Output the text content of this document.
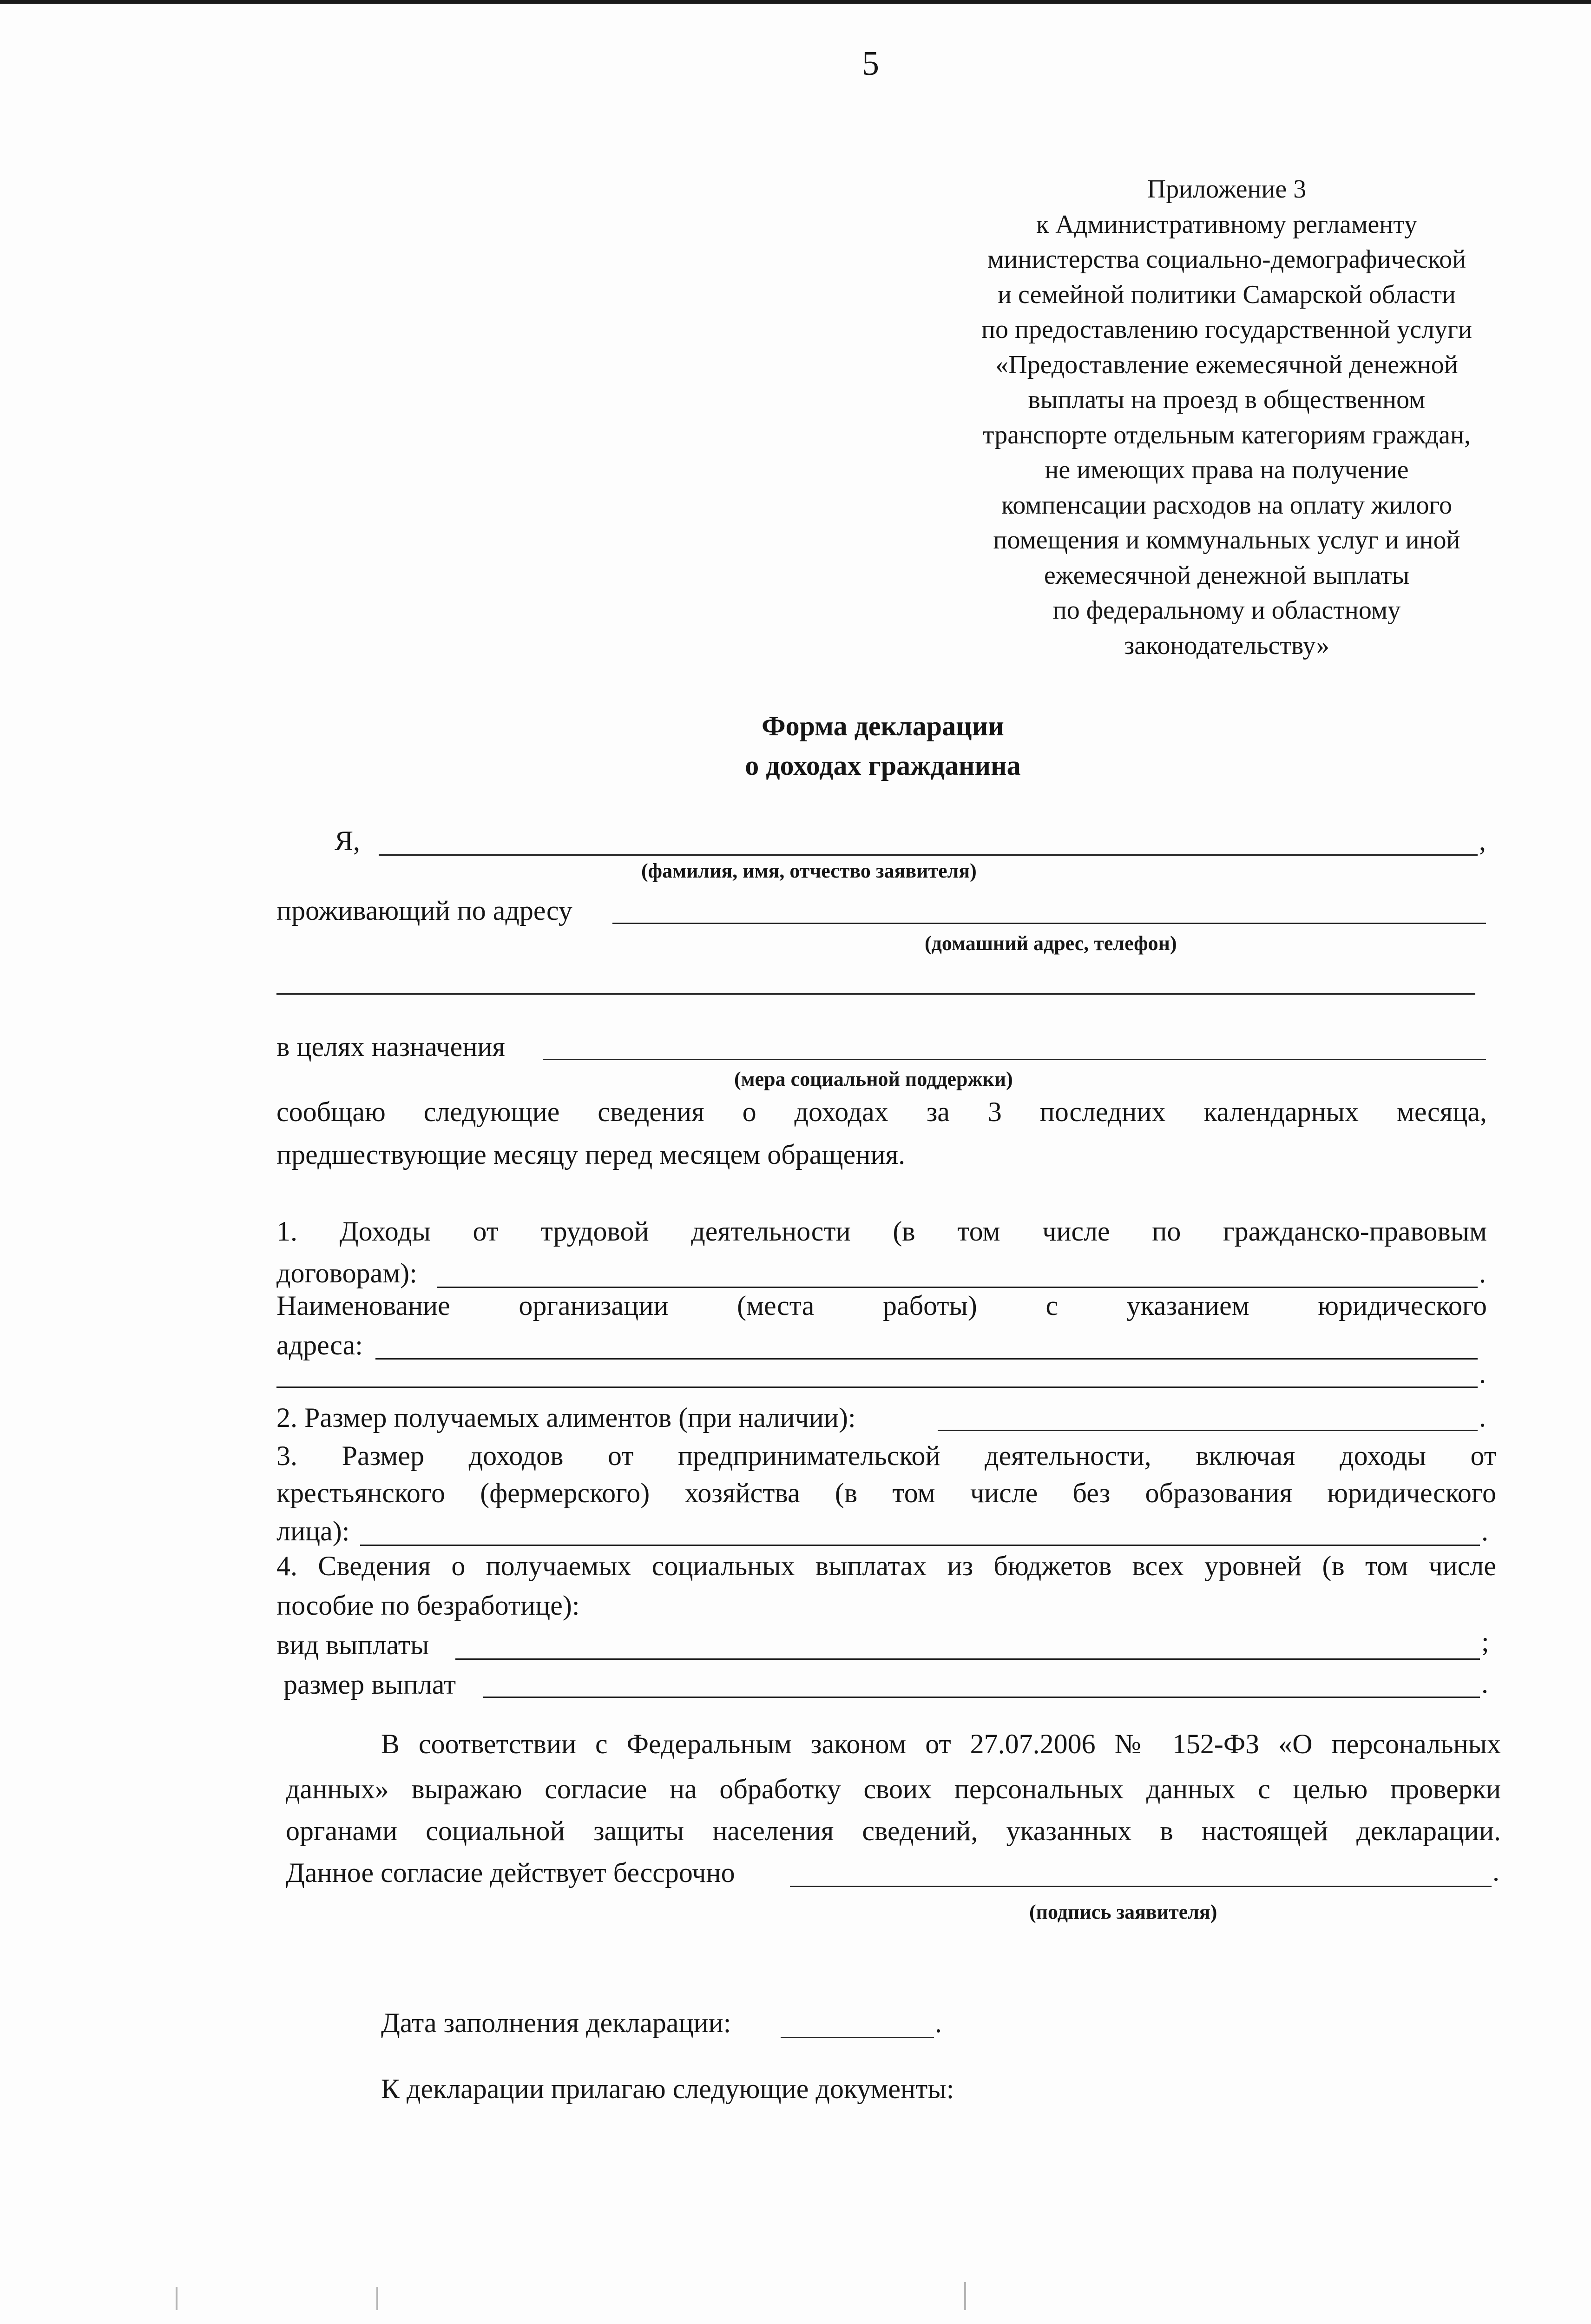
5
Приложение 3
к Административному регламенту
министерства социально-демографической
и семейной политики Самарской области
по предоставлению государственной услуги
«Предоставление ежемесячной денежной
выплаты на проезд в общественном
транспорте отдельным категориям граждан,
не имеющих права на получение
компенсации расходов на оплату жилого
помещения и коммунальных услуг и иной
ежемесячной денежной выплаты
по федеральному и областному
законодательству»
Форма декларации
о доходах гражданина
Я,	,
(фамилия, имя, отчество заявителя)
проживающий по адресу
(домашний адрес, телефон)
в целях назначения
(мера социальной поддержки)
сообщаю следующие сведения о доходах за 3 последних календарных месяца,
предшествующие месяцу перед месяцем обращения.
1. Доходы от трудовой деятельности (в том числе по гражданско-правовым
договорам):	.
Наименование организации (места работы) с указанием юридического
адреса:
.
2. Размер получаемых алиментов (при наличии):	.
3. Размер доходов от предпринимательской деятельности, включая доходы от
крестьянского (фермерского) хозяйства (в том числе без образования юридического
лица):	.
4. Сведения о получаемых социальных выплатах из бюджетов всех уровней (в том числе
пособие по безработице):
вид выплаты	;
размер выплат	.
В соответствии с Федеральным законом от 27.07.2006 № 152-ФЗ «О персональных
данных» выражаю согласие на обработку своих персональных данных с целью проверки
органами социальной защиты населения сведений, указанных в настоящей декларации.
Данное согласие действует бессрочно	.
(подпись заявителя)
Дата заполнения декларации:	.
К декларации прилагаю следующие документы:
